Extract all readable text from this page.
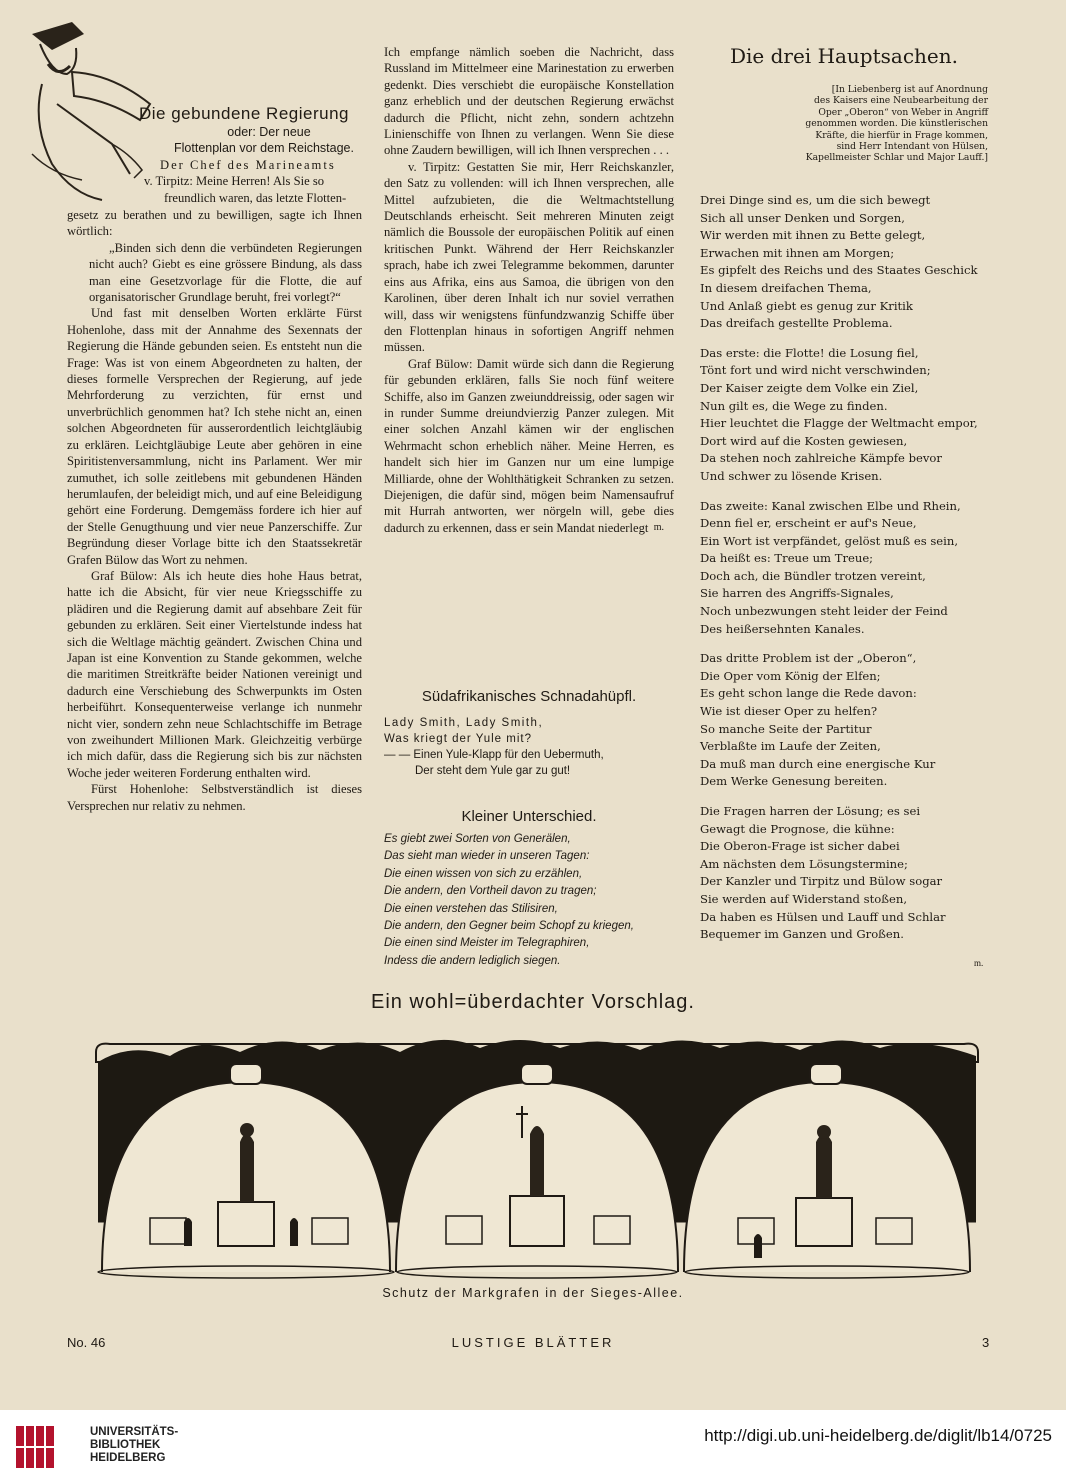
Die gebundene Regierung
oder: Der neue
Flottenplan vor dem Reichstage.

Der Chef des Marineamts

v. Tirpitz: Meine Herren! Als Sie so

freundlich waren, das letzte Flotten-

gesetz zu berathen und zu bewilligen, sagte ich Ihnen wörtlich:

„Binden sich denn die verbündeten Regierungen nicht auch? Giebt es eine grössere Bindung, als dass man eine Gesetzvorlage für die Flotte, die auf organisatorischer Grundlage beruht, frei vorlegt?“

Und fast mit denselben Worten erklärte Fürst Hohenlohe, dass mit der Annahme des Sexennats der Regierung die Hände gebunden seien. Es entsteht nun die Frage: Was ist von einem Abgeordneten zu halten, der dieses formelle Versprechen der Regierung, auf jede Mehrforderung zu verzichten, für ernst und unverbrüchlich genommen hat? Ich stehe nicht an, einen solchen Abgeordneten für ausserordentlich leichtgläubig zu erklären. Leichtgläubige Leute aber gehören in eine Spiritistenversammlung, nicht ins Parlament. Wer mir zumuthet, ich solle zeitlebens mit gebundenen Händen herumlaufen, der beleidigt mich, und auf eine Beleidigung gehört eine Forderung. Demgemäss fordere ich hier auf der Stelle Genugthuung und vier neue Panzerschiffe. Zur Begründung dieser Vorlage bitte ich den Staatssekretär Grafen Bülow das Wort zu nehmen.

Graf Bülow: Als ich heute dies hohe Haus betrat, hatte ich die Absicht, für vier neue Kriegsschiffe zu plädiren und die Regierung damit auf absehbare Zeit für gebunden zu erklären. Seit einer Viertelstunde indess hat sich die Weltlage mächtig geändert. Zwischen China und Japan ist eine Konvention zu Stande gekommen, welche die maritimen Streitkräfte beider Nationen vereinigt und dadurch eine Verschiebung des Schwerpunkts im Osten herbeiführt. Konsequenterweise verlange ich nunmehr nicht vier, sondern zehn neue Schlachtschiffe im Betrage von zweihundert Millionen Mark. Gleichzeitig verbürge ich mich dafür, dass die Regierung sich bis zur nächsten Woche jeder weiteren Forderung enthalten wird.

Fürst Hohenlohe: Selbstverständlich ist dieses Versprechen nur relativ zu nehmen.

Ich empfange nämlich soeben die Nachricht, dass Russland im Mittelmeer eine Marinestation zu erwerben gedenkt. Dies verschiebt die europäische Konstellation ganz erheblich und der deutschen Regierung erwächst dadurch die Pflicht, nicht zehn, sondern achtzehn Linienschiffe von Ihnen zu verlangen. Wenn Sie diese ohne Zaudern bewilligen, will ich Ihnen versprechen . . .

v. Tirpitz: Gestatten Sie mir, Herr Reichskanzler, den Satz zu vollenden: will ich Ihnen versprechen, alle Mittel aufzubieten, die die Weltmachtstellung Deutschlands erheischt. Seit mehreren Minuten zeigt nämlich die Boussole der europäischen Politik auf einen kritischen Punkt. Während der Herr Reichskanzler sprach, habe ich zwei Telegramme bekommen, darunter eins aus Afrika, eins aus Samoa, die übrigen von den Karolinen, über deren Inhalt ich nur soviel verrathen will, dass wir wenigstens fünfundzwanzig Schiffe über den Flottenplan hinaus in sofortigen Angriff nehmen müssen.

Graf Bülow: Damit würde sich dann die Regierung für gebunden erklären, falls Sie noch fünf weitere Schiffe, also im Ganzen zweiunddreissig, oder sagen wir in runder Summe dreiundvierzig Panzer zulegen. Mit einer solchen Anzahl kämen wir der englischen Wehrmacht schon erheblich näher. Meine Herren, es handelt sich hier im Ganzen nur um eine lumpige Milliarde, ohne der Wohlthätigkeit Schranken zu setzen. Diejenigen, die dafür sind, mögen beim Namensaufruf mit Hurrah antworten, wer nörgeln will, gebe dies dadurch zu erkennen, dass er sein Mandat niederlegt m.
Südafrikanisches Schnadahüpfl.
Lady Smith, Lady Smith,
Was kriegt der Yule mit?
— — Einen Yule-Klapp für den Uebermuth,
Der steht dem Yule gar zu gut!
Kleiner Unterschied.
Es giebt zwei Sorten von Generälen,
Das sieht man wieder in unseren Tagen:
Die einen wissen von sich zu erzählen,
Die andern, den Vortheil davon zu tragen;
Die einen verstehen das Stilisiren,
Die andern, den Gegner beim Schopf zu kriegen,
Die einen sind Meister im Telegraphiren,
Indess die andern lediglich siegen.
Die drei Hauptsachen.
[In Liebenberg ist auf Anordnung
des Kaisers eine Neubearbeitung der
Oper „Oberon“ von Weber in Angriff
genommen worden. Die künstlerischen
Kräfte, die hierfür in Frage kommen,
sind Herr Intendant von Hülsen,
Kapellmeister Schlar und Major Lauff.]

Drei Dinge sind es, um die sich bewegt

Sich all unser Denken und Sorgen,

Wir werden mit ihnen zu Bette gelegt,

Erwachen mit ihnen am Morgen;

Es gipfelt des Reichs und des Staates Geschick

In diesem dreifachen Thema,

Und Anlaß giebt es genug zur Kritik

Das dreifach gestellte Problema.

Das erste: die Flotte! die Losung fiel,

Tönt fort und wird nicht verschwinden;

Der Kaiser zeigte dem Volke ein Ziel,

Nun gilt es, die Wege zu finden.

Hier leuchtet die Flagge der Weltmacht empor,

Dort wird auf die Kosten gewiesen,

Da stehen noch zahlreiche Kämpfe bevor

Und schwer zu lösende Krisen.

Das zweite: Kanal zwischen Elbe und Rhein,

Denn fiel er, erscheint er auf's Neue,

Ein Wort ist verpfändet, gelöst muß es sein,

Da heißt es: Treue um Treue;

Doch ach, die Bündler trotzen vereint,

Sie harren des Angriffs-Signales,

Noch unbezwungen steht leider der Feind

Des heißersehnten Kanales.

Das dritte Problem ist der „Oberon“,

Die Oper vom König der Elfen;

Es geht schon lange die Rede davon:

Wie ist dieser Oper zu helfen?

So manche Seite der Partitur

Verblaßte im Laufe der Zeiten,

Da muß man durch eine energische Kur

Dem Werke Genesung bereiten.

Die Fragen harren der Lösung; es sei

Gewagt die Prognose, die kühne:

Die Oberon-Frage ist sicher dabei

Am nächsten dem Lösungstermine;

Der Kanzler und Tirpitz und Bülow sogar

Sie werden auf Widerstand stoßen,

Da haben es Hülsen und Lauff und Schlar

Bequemer im Ganzen und Großen.

m.
Ein wohl=überdachter Vorschlag.
Schutz der Markgrafen in der Sieges-Allee.
No. 46	LUSTIGE BLÄTTER	3
UNIVERSITÄTS-
BIBLIOTHEK
HEIDELBERG
http://digi.ub.uni-heidelberg.de/diglit/lb14/0725
